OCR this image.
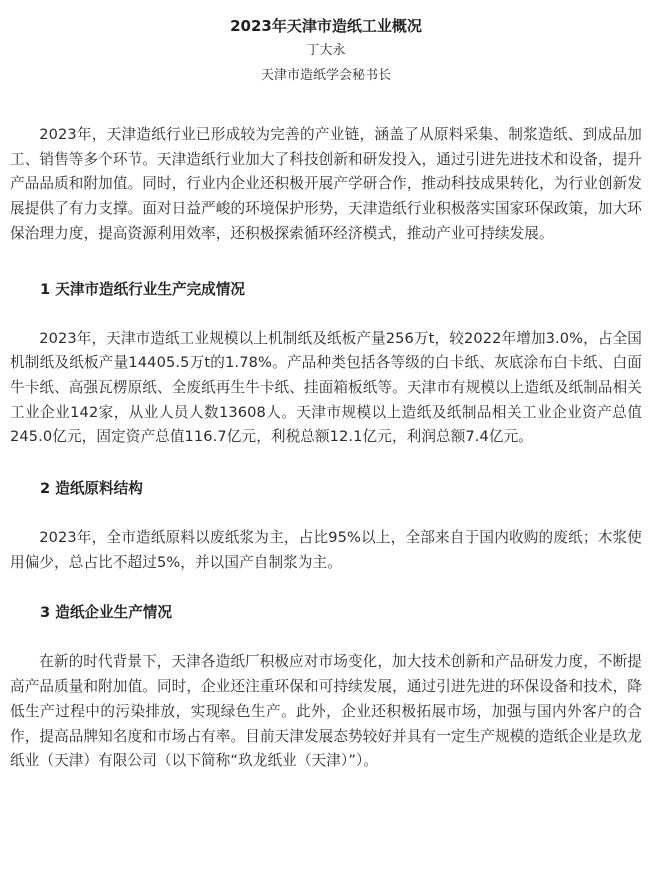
2023年天津市造纸工业概况
丁大永
天津市造纸学会秘书长

2023年，天津造纸行业已形成较为完善的产业链，涵盖了从原料采集、制浆造纸、到成品加工、销售等多个环节。天津造纸行业加大了科技创新和研发投入，通过引进先进技术和设备，提升产品品质和附加值。同时，行业内企业还积极开展产学研合作，推动科技成果转化，为行业创新发展提供了有力支撑。面对日益严峻的环境保护形势，天津造纸行业积极落实国家环保政策，加大环保治理力度，提高资源利用效率，还积极探索循环经济模式，推动产业可持续发展。

1 天津市造纸行业生产完成情况

2023年，天津市造纸工业规模以上机制纸及纸板产量256万t，较2022年增加3.0%，占全国机制纸及纸板产量14405.5万t的1.78%。产品种类包括各等级的白卡纸、灰底涂布白卡纸、白面牛卡纸、高强瓦楞原纸、全废纸再生牛卡纸、挂面箱板纸等。天津市有规模以上造纸及纸制品相关工业企业142家，从业人员人数13608人。天津市规模以上造纸及纸制品相关工业企业资产总值245.0亿元，固定资产总值116.7亿元，利税总额12.1亿元，利润总额7.4亿元。

2 造纸原料结构

2023年，全市造纸原料以废纸浆为主，占比95%以上，全部来自于国内收购的废纸；木浆使用偏少，总占比不超过5%，并以国产自制浆为主。

3 造纸企业生产情况

在新的时代背景下，天津各造纸厂积极应对市场变化，加大技术创新和产品研发力度，不断提高产品质量和附加值。同时，企业还注重环保和可持续发展，通过引进先进的环保设备和技术，降低生产过程中的污染排放，实现绿色生产。此外，企业还积极拓展市场，加强与国内外客户的合作，提高品牌知名度和市场占有率。目前天津发展态势较好并具有一定生产规模的造纸企业是玖龙纸业（天津）有限公司（以下简称“玖龙纸业（天津）”）。
